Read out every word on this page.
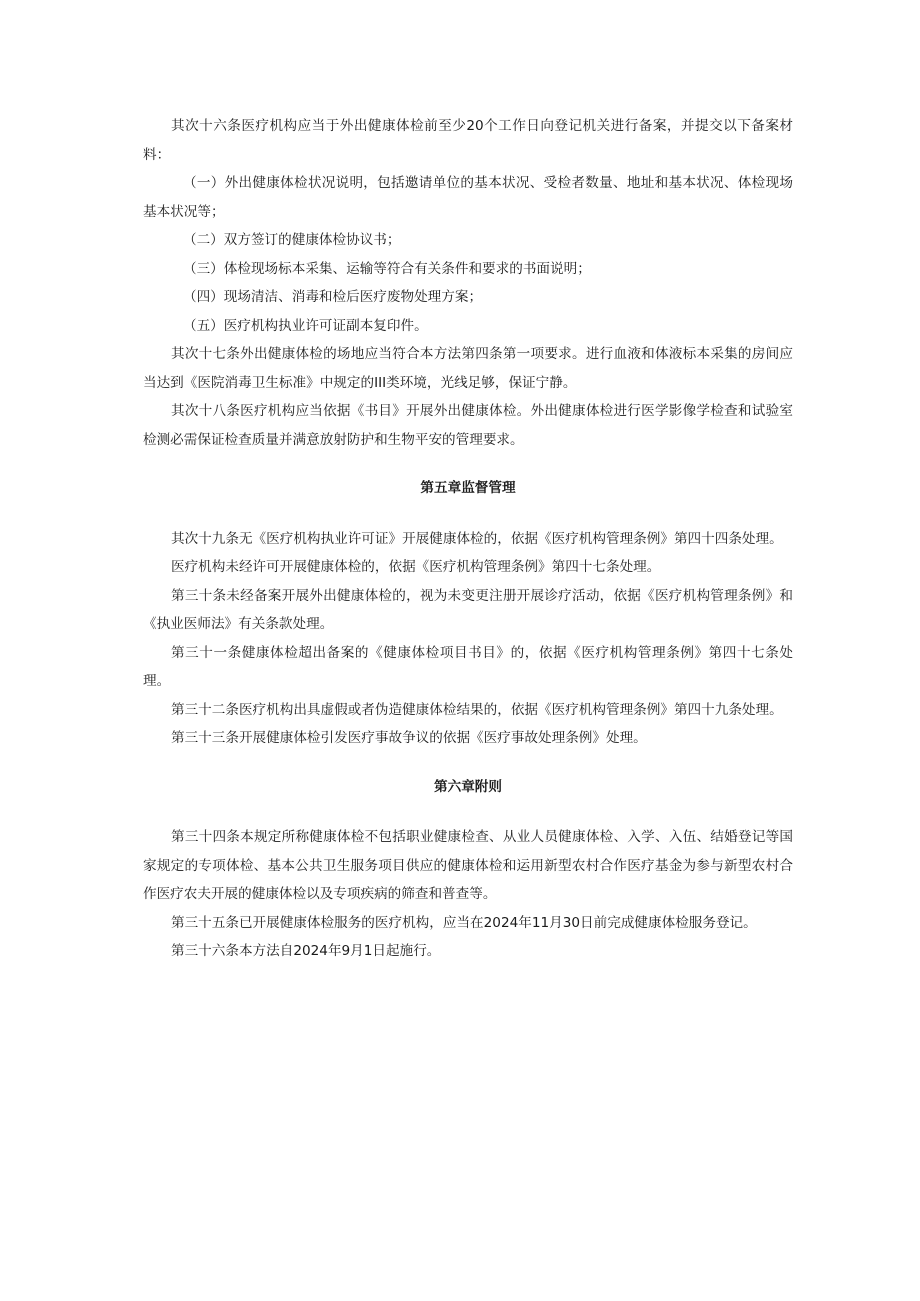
其次十六条医疗机构应当于外出健康体检前至少20个工作日向登记机关进行备案，并提交以下备案材料：

（一）外出健康体检状况说明，包括邀请单位的基本状况、受检者数量、地址和基本状况、体检现场基本状况等；

（二）双方签订的健康体检协议书；

（三）体检现场标本采集、运输等符合有关条件和要求的书面说明；

（四）现场清洁、消毒和检后医疗废物处理方案；

（五）医疗机构执业许可证副本复印件。

其次十七条外出健康体检的场地应当符合本方法第四条第一项要求。进行血液和体液标本采集的房间应当达到《医院消毒卫生标准》中规定的III类环境，光线足够，保证宁静。

其次十八条医疗机构应当依据《书目》开展外出健康体检。外出健康体检进行医学影像学检查和试验室检测必需保证检查质量并满意放射防护和生物平安的管理要求。

第五章监督管理

其次十九条无《医疗机构执业许可证》开展健康体检的，依据《医疗机构管理条例》第四十四条处理。

医疗机构未经许可开展健康体检的，依据《医疗机构管理条例》第四十七条处理。

第三十条未经备案开展外出健康体检的，视为未变更注册开展诊疗活动，依据《医疗机构管理条例》和《执业医师法》有关条款处理。

第三十一条健康体检超出备案的《健康体检项目书目》的，依据《医疗机构管理条例》第四十七条处理。

第三十二条医疗机构出具虚假或者伪造健康体检结果的，依据《医疗机构管理条例》第四十九条处理。

第三十三条开展健康体检引发医疗事故争议的依据《医疗事故处理条例》处理。

第六章附则

第三十四条本规定所称健康体检不包括职业健康检查、从业人员健康体检、入学、入伍、结婚登记等国家规定的专项体检、基本公共卫生服务项目供应的健康体检和运用新型农村合作医疗基金为参与新型农村合作医疗农夫开展的健康体检以及专项疾病的筛查和普查等。

第三十五条已开展健康体检服务的医疗机构，应当在2024年11月30日前完成健康体检服务登记。

第三十六条本方法自2024年9月1日起施行。
